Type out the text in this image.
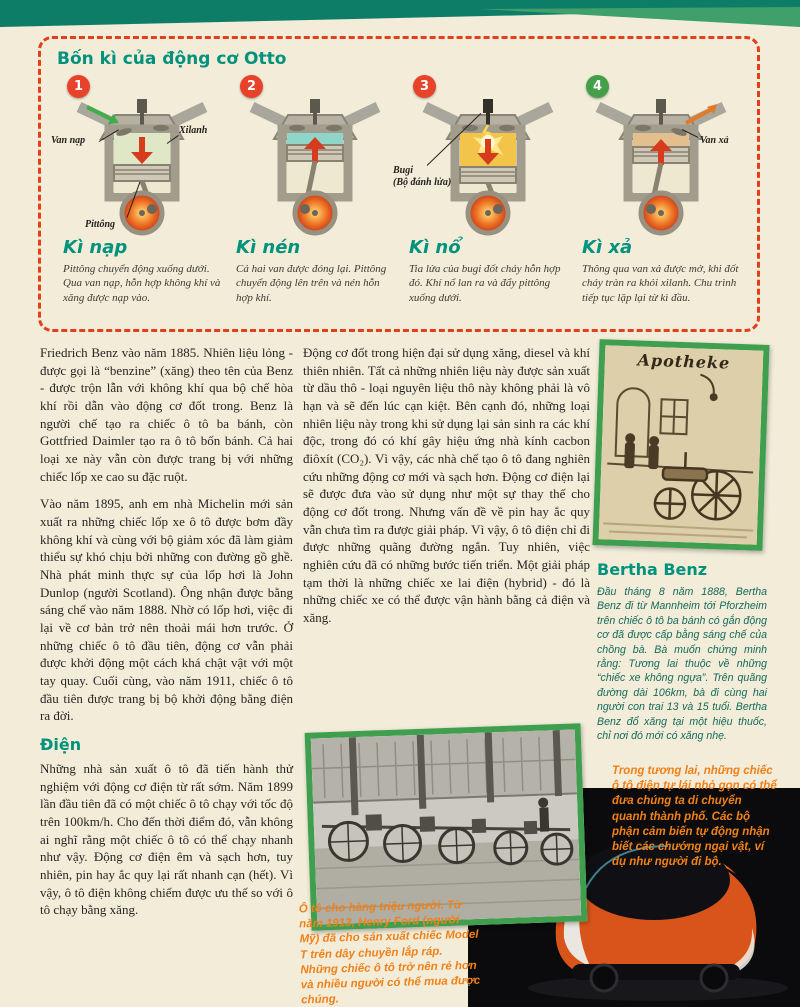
Bốn kì của động cơ Otto
1
Van nạp
Xilanh
Pittông
Kì nạp
Pittông chuyển động xuống dưới. Qua van nạp, hỗn hợp không khí và xăng được nạp vào.
2
Kì nén
Cả hai van được đóng lại. Pittông chuyển động lên trên và nén hỗn hợp khí.
3
Bugi
(Bộ đánh lửa)
Kì nổ
Tia lửa của bugi đốt cháy hỗn hợp đó. Khí nổ lan ra và đẩy pittông xuống dưới.
4
Van xả
Kì xả
Thông qua van xả được mở, khi đốt cháy tràn ra khỏi xilanh. Chu trình tiếp tục lặp lại từ kì đầu.

Friedrich Benz vào năm 1885. Nhiên liệu lỏng - được gọi là “benzine” (xăng) theo tên của Benz - được trộn lẫn với không khí qua bộ chế hòa khí rồi dẫn vào động cơ đốt trong. Benz là người chế tạo ra chiếc ô tô ba bánh, còn Gottfried Daimler tạo ra ô tô bốn bánh. Cả hai loại xe này vẫn còn được trang bị với những chiếc lốp xe cao su đặc ruột.

Vào năm 1895, anh em nhà Michelin mới sản xuất ra những chiếc lốp xe ô tô được bơm đầy không khí và cùng với bộ giảm xóc đã làm giảm thiểu sự khó chịu bởi những con đường gồ ghề. Nhà phát minh thực sự của lốp hơi là John Dunlop (người Scotland). Ông nhận được bằng sáng chế vào năm 1888. Nhờ có lốp hơi, việc đi lại về cơ bản trở nên thoải mái hơn trước. Ở những chiếc ô tô đầu tiên, động cơ vẫn phải được khởi động một cách khá chật vật với một tay quay. Cuối cùng, vào năm 1911, chiếc ô tô đầu tiên được trang bị bộ khởi động bằng điện ra đời.

Điện

Những nhà sản xuất ô tô đã tiến hành thử nghiệm với động cơ điện từ rất sớm. Năm 1899 lần đầu tiên đã có một chiếc ô tô chạy với tốc độ trên 100km/h. Cho đến thời điểm đó, vẫn không ai nghĩ rằng một chiếc ô tô có thể chạy nhanh như vậy. Động cơ điện êm và sạch hơn, tuy nhiên, pin hay ắc quy lại rất nhanh cạn (hết). Vì vậy, ô tô điện không chiếm được ưu thế so với ô tô chạy bằng xăng.

Động cơ đốt trong hiện đại sử dụng xăng, diesel và khí thiên nhiên. Tất cả những nhiên liệu này được sản xuất từ dầu thô - loại nguyên liệu thô này không phải là vô hạn và sẽ đến lúc cạn kiệt. Bên cạnh đó, những loại nhiên liệu này trong khi sử dụng lại sản sinh ra các khí độc, trong đó có khí gây hiệu ứng nhà kính cacbon điôxít (CO₂). Vì vậy, các nhà chế tạo ô tô đang nghiên cứu những động cơ mới và sạch hơn. Động cơ điện lại sẽ được đưa vào sử dụng như một sự thay thế cho động cơ đốt trong. Nhưng vấn đề về pin hay ắc quy vẫn chưa tìm ra được giải pháp. Vì vậy, ô tô điện chỉ đi được những quãng đường ngắn. Tuy nhiên, việc nghiên cứu đã có những bước tiến triển. Một giải pháp tạm thời là những chiếc xe lai điện (hybrid) - đó là những chiếc xe có thể được vận hành bằng cả điện và xăng.

Apotheke
Bertha Benz
Đầu tháng 8 năm 1888, Bertha Benz đi từ Mannheim tới Pforzheim trên chiếc ô tô ba bánh có gắn động cơ đã được cấp bằng sáng chế của chồng bà. Bà muốn chứng minh rằng: Tương lai thuộc về những “chiếc xe không ngựa”. Trên quãng đường dài 106km, bà đi cùng hai người con trai 13 và 15 tuổi. Bertha Benz đổ xăng tại một hiệu thuốc, chỉ nơi đó mới có xăng nhẹ.
Ô tô cho hàng triệu người. Từ năm 1913, Henry Ford (người Mỹ) đã cho sản xuất chiếc Model T trên dây chuyền lắp ráp. Những chiếc ô tô trở nên rẻ hơn và nhiều người có thể mua được chúng.
Trong tương lai, những chiếc ô tô điện tự lái nhỏ gọn có thể đưa chúng ta di chuyển quanh thành phố. Các bộ phận cảm biến tự động nhận biết các chướng ngại vật, ví dụ như người đi bộ.
